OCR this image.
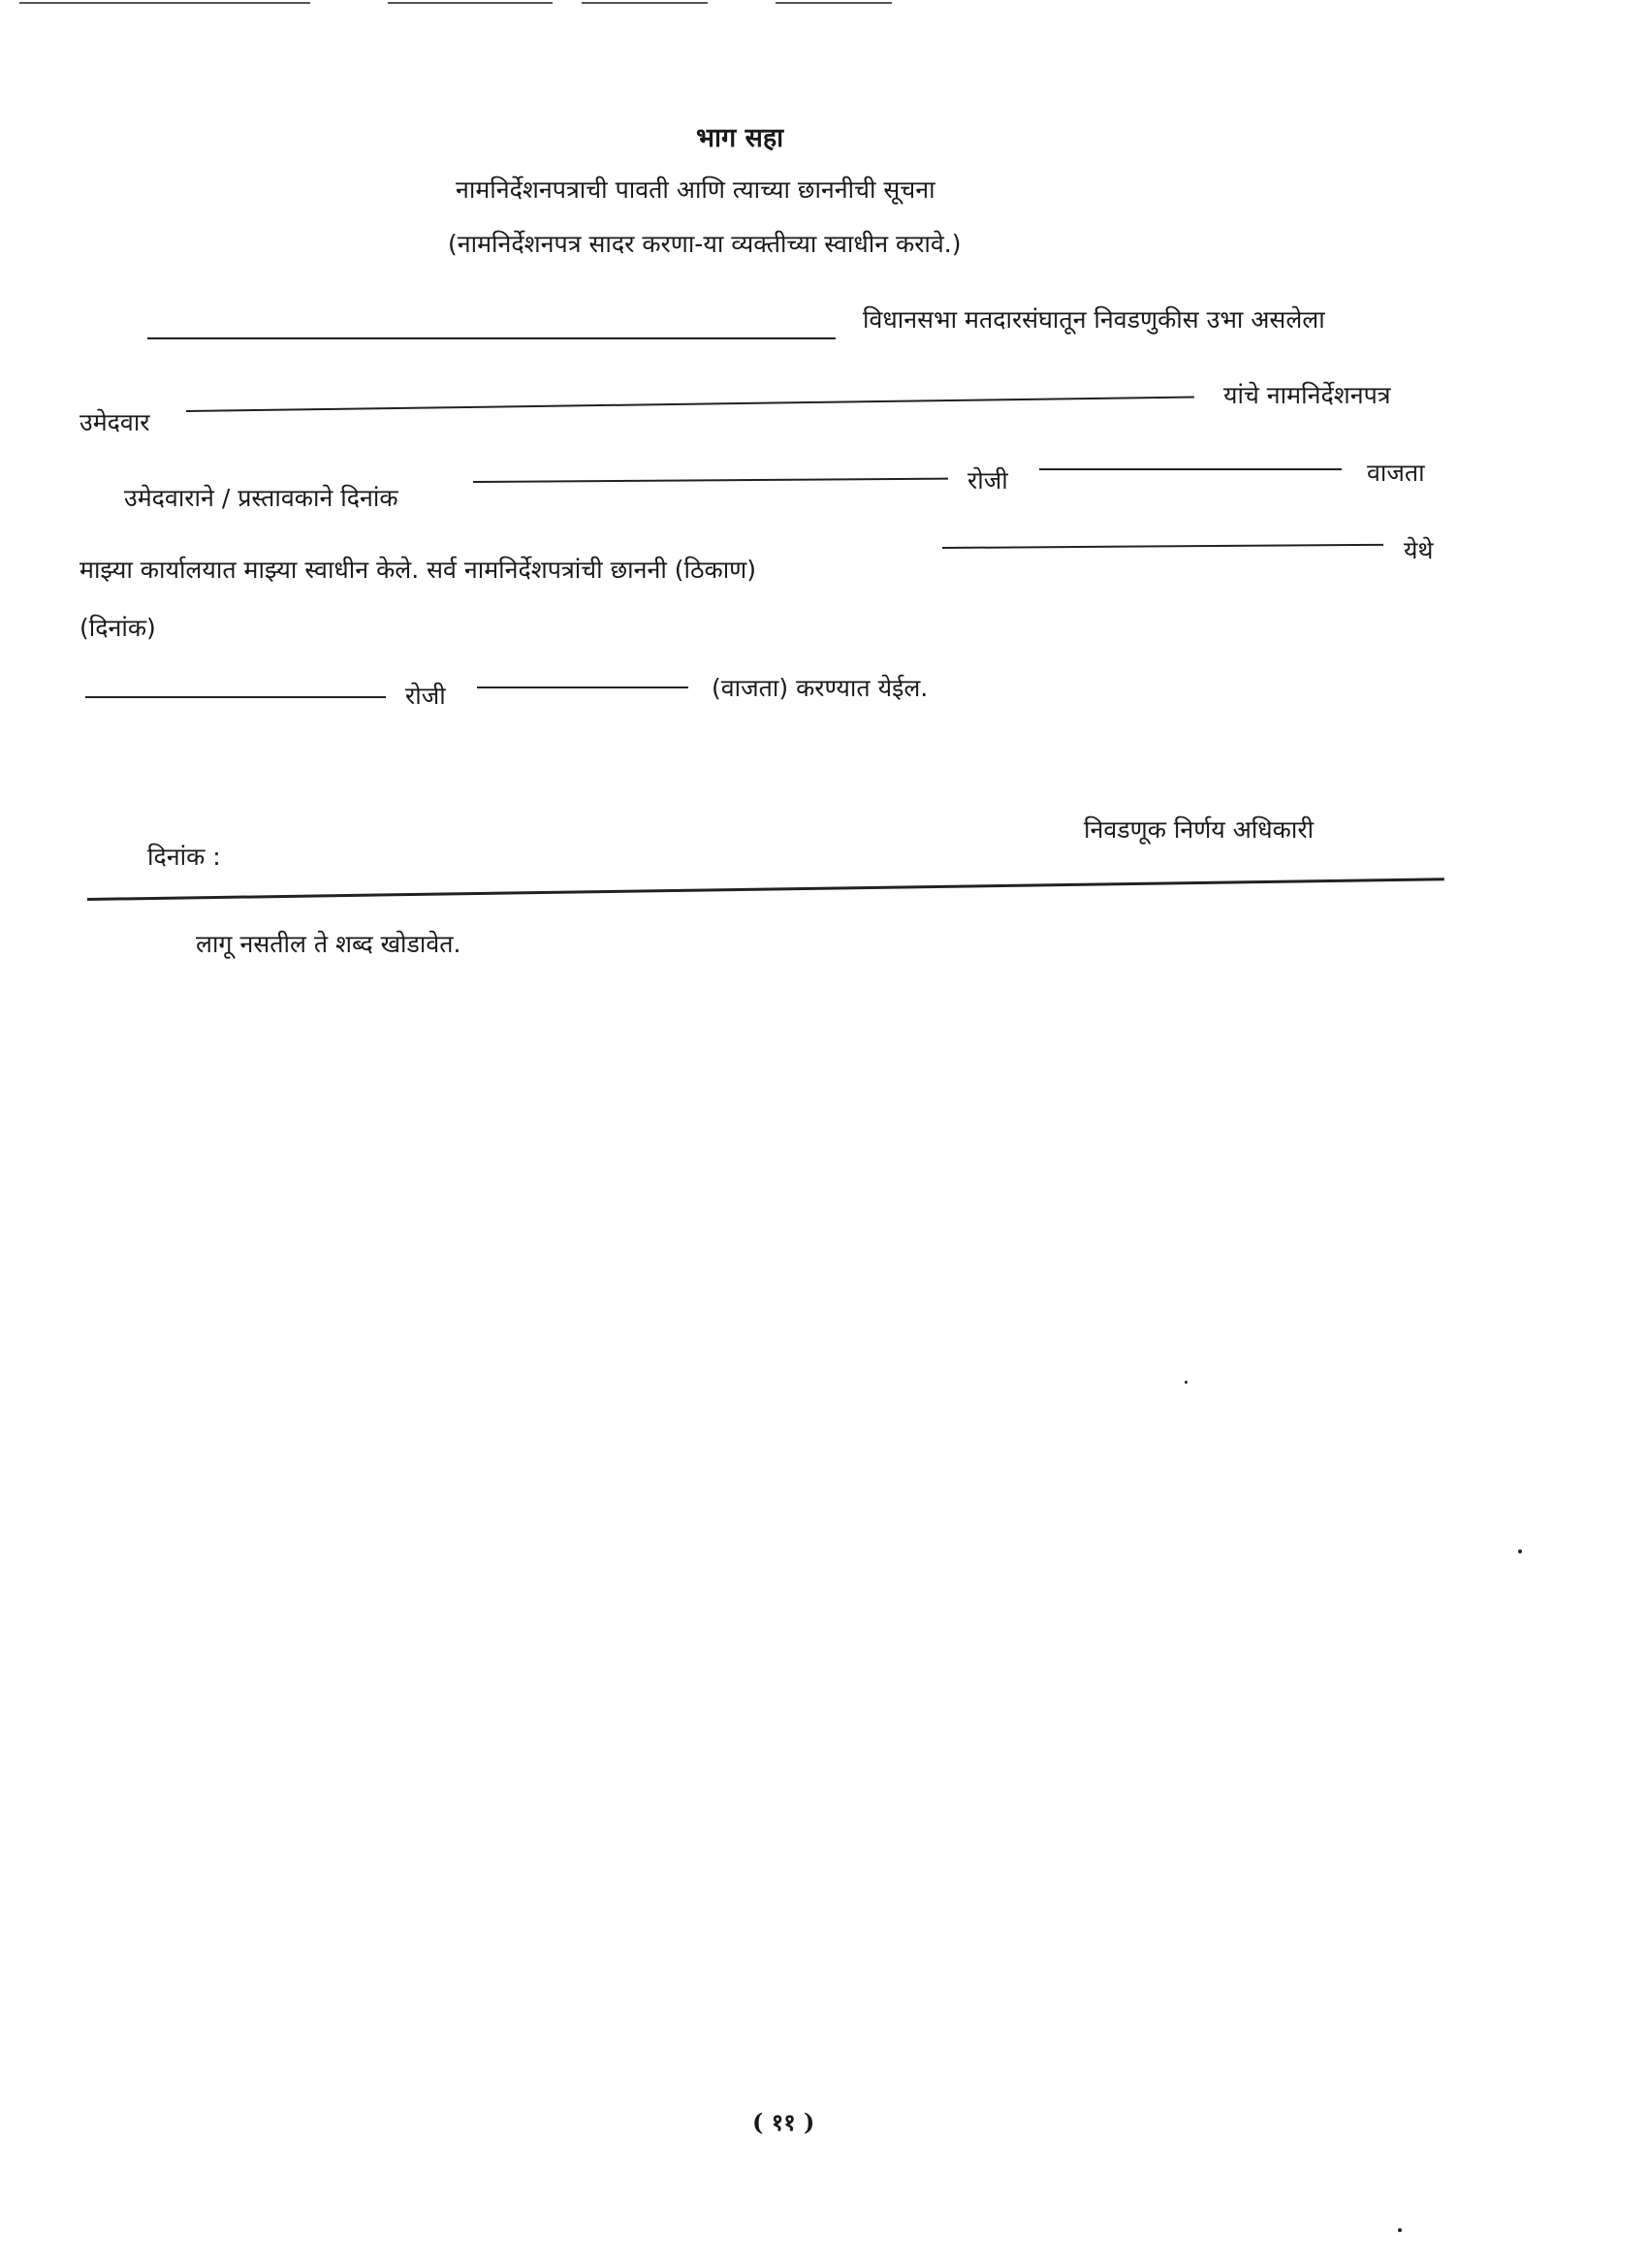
भाग सहा
नामनिर्देशनपत्राची पावती आणि त्याच्या छाननीची सूचना
(नामनिर्देशनपत्र सादर करणा-या व्यक्तीच्या स्वाधीन करावे.)
विधानसभा मतदारसंघातून निवडणुकीस उभा असलेला
उमेदवार
यांचे नामनिर्देशनपत्र
उमेदवाराने / प्रस्तावकाने दिनांक
रोजी	वाजता
माझ्या कार्यालयात माझ्या स्वाधीन केले. सर्व नामनिर्देशपत्रांची छाननी (ठिकाण)
येथे
(दिनांक)
रोजी	(वाजता) करण्यात येईल.
दिनांक :
निवडणूक निर्णय अधिकारी
लागू नसतील ते शब्द खोडावेत.
( ११ )
